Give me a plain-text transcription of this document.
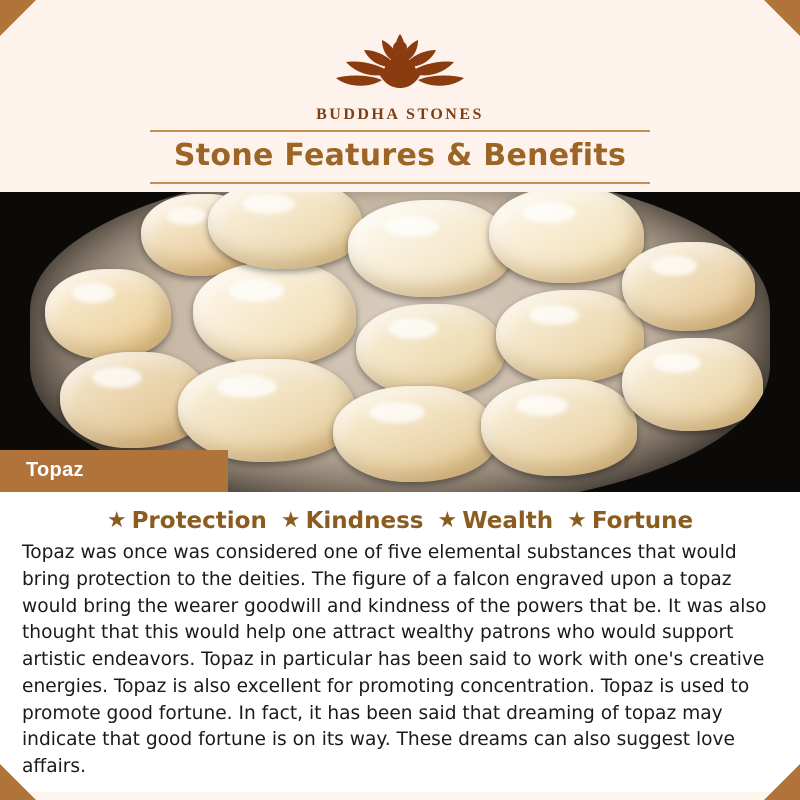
BUDDHA STONES
Stone Features & Benefits
Topaz
★ Protection ★ Kindness ★ Wealth ★ Fortune

Topaz was once was considered one of five elemental substances that would bring protection to the deities. The figure of a falcon engraved upon a topaz would bring the wearer goodwill and kindness of the powers that be. It was also thought that this would help one attract wealthy patrons who would support artistic endeavors. Topaz in particular has been said to work with one's creative energies. Topaz is also excellent for promoting concentration. Topaz is used to promote good fortune. In fact, it has been said that dreaming of topaz may indicate that good fortune is on its way. These dreams can also suggest love affairs.
